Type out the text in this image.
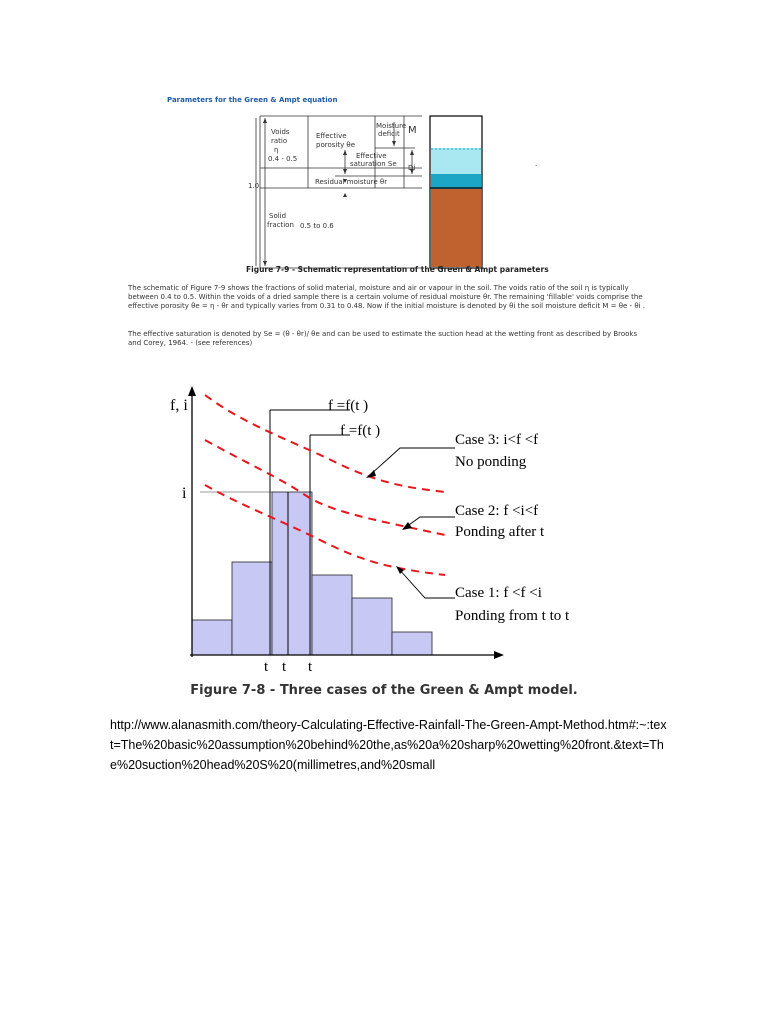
Parameters for the Green & Ampt equation
Voids ratio η 0.4 - 0.5
Effective porosity θe
Moisture deficit M
Effective saturation Se Di
Residual moisture θr
1.0
Solid fraction 0.5 to 0.6
.
Figure 7-9 - Schematic representation of the Green & Ampt parameters

The schematic of Figure 7-9 shows the fractions of solid material, moisture and air or vapour in the soil. The voids ratio of the soil η is typically between 0.4 to 0.5. Within the voids of a dried sample there is a certain volume of residual moisture θr. The remaining 'fillable' voids comprise the effective porosity θe = η - θr and typically varies from 0.31 to 0.48. Now if the initial moisture is denoted by θi the soil moisture deficit M = θe - θi .

The effective saturation is denoted by Se = (θ - θr)/ θe and can be used to estimate the suction head at the wetting front as described by Brooks and Corey, 1964. - (see references)

f, i
i
f =f(t )
f =f(t )
Case 3: i<f <f
No ponding
Case 2: f <i<f
Ponding after t
Case 1: f <f <i
Ponding from t to t
t t t
Figure 7-8 - Three cases of the Green & Ampt model.
http://www.alanasmith.com/theory-Calculating-Effective-Rainfall-The-Green-Ampt-Method.htm#:~:text=The%20basic%20assumption%20behind%20the,as%20a%20sharp%20wetting%20front.&text=The%20suction%20head%20S%20(millimetres,and%20small
